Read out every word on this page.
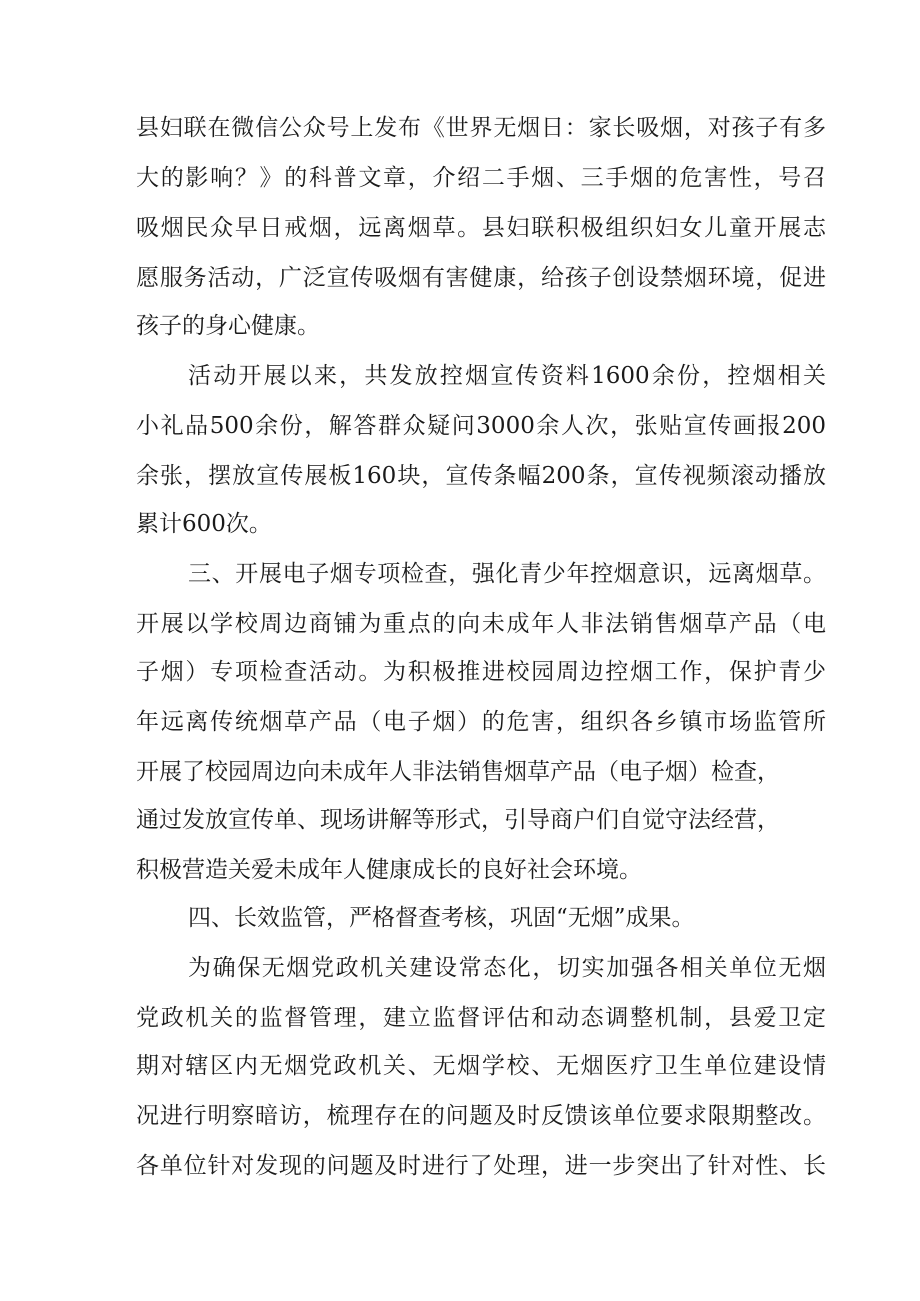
县妇联在微信公众号上发布《世界无烟日：家长吸烟，对孩子有多
大的影响？》的科普文章，介绍二手烟、三手烟的危害性，号召
吸烟民众早日戒烟，远离烟草。县妇联积极组织妇女儿童开展志
愿服务活动，广泛宣传吸烟有害健康，给孩子创设禁烟环境，促进
孩子的身心健康。
活动开展以来，共发放控烟宣传资料1600余份，控烟相关
小礼品500余份，解答群众疑问3000余人次，张贴宣传画报200
余张，摆放宣传展板160块，宣传条幅200条，宣传视频滚动播放
累计600次。
三、开展电子烟专项检查，强化青少年控烟意识，远离烟草。
开展以学校周边商铺为重点的向未成年人非法销售烟草产品（电
子烟）专项检查活动。为积极推进校园周边控烟工作，保护青少
年远离传统烟草产品（电子烟）的危害，组织各乡镇市场监管所
开展了校园周边向未成年人非法销售烟草产品（电子烟）检查，
通过发放宣传单、现场讲解等形式，引导商户们自觉守法经营，
积极营造关爱未成年人健康成长的良好社会环境。
四、长效监管，严格督查考核，巩固“无烟”成果。
为确保无烟党政机关建设常态化，切实加强各相关单位无烟
党政机关的监督管理，建立监督评估和动态调整机制，县爱卫定
期对辖区内无烟党政机关、无烟学校、无烟医疗卫生单位建设情
况进行明察暗访，梳理存在的问题及时反馈该单位要求限期整改。
各单位针对发现的问题及时进行了处理，进一步突出了针对性、长
